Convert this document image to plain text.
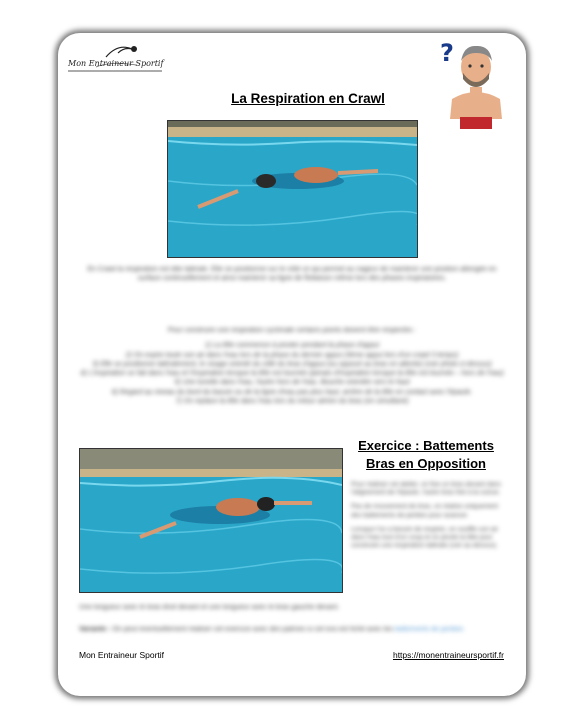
Mon Entraineur Sportif	?
La Respiration en Crawl
En Crawl la respiration est dite latérale. Elle se positionne sur le côté ce qui permet au nageur de maintenir une position allongée en surface continuellement et ainsi maintenir sa ligne de flottaison même lors des phases inspiratoires.
Pour construire une respiration cyclimale certains points doivent être respectés :
1) La tête commence à pivoter pendant la phase d'appui
2) On expire toute son air dans l'eau lors de la phase du dernier appui (3ème appui lors d'un crawl 3 temps)
3) Elle se positionne latéralement, le visage orienté du côté du bras d'appui (ou opposé au bras en attente) (voir photo ci-dessus)
4) L'inspiration se fait dans l'eau et l'inspiration lorsque la tête est tournée (jamais d'inspiration lorsque la tête est tournée – hors de l'eau)
5) Une lunette dans l'eau, l'autre hors de l'eau. Bouche orientée vers le haut
6) Regard au niveau du bord du bassin ou de la ligne d'eau pas plus haut, arrière de la tête en contact avec l'épaule.
7) On replace la tête dans l'eau lors du retour aérien du bras (en simultané)
Exercice : Battements Bras en Opposition

Pour réaliser cet atelier, on fixe un bras devant dans l'alignement de l'épaule, l'autre bras fixé à la cuisse.

Pas de mouvement de bras, on réalise uniquement des battements de jambes pour avancer.

Lorsque l'on a besoin de respirer, on souffle son air dans l'eau tout d'un coup et on pivote la tête pour construire une respiration latérale (voir au-dessus).

Une longueur avec le bras droit devant et une longueur avec le bras gauche devant.
Variante : On peut éventuellement réaliser cet exercice avec des palmes si cet exo est fiché avec les battements de jambes
Mon Entraineur Sportif	https://monentraineursportif.fr
